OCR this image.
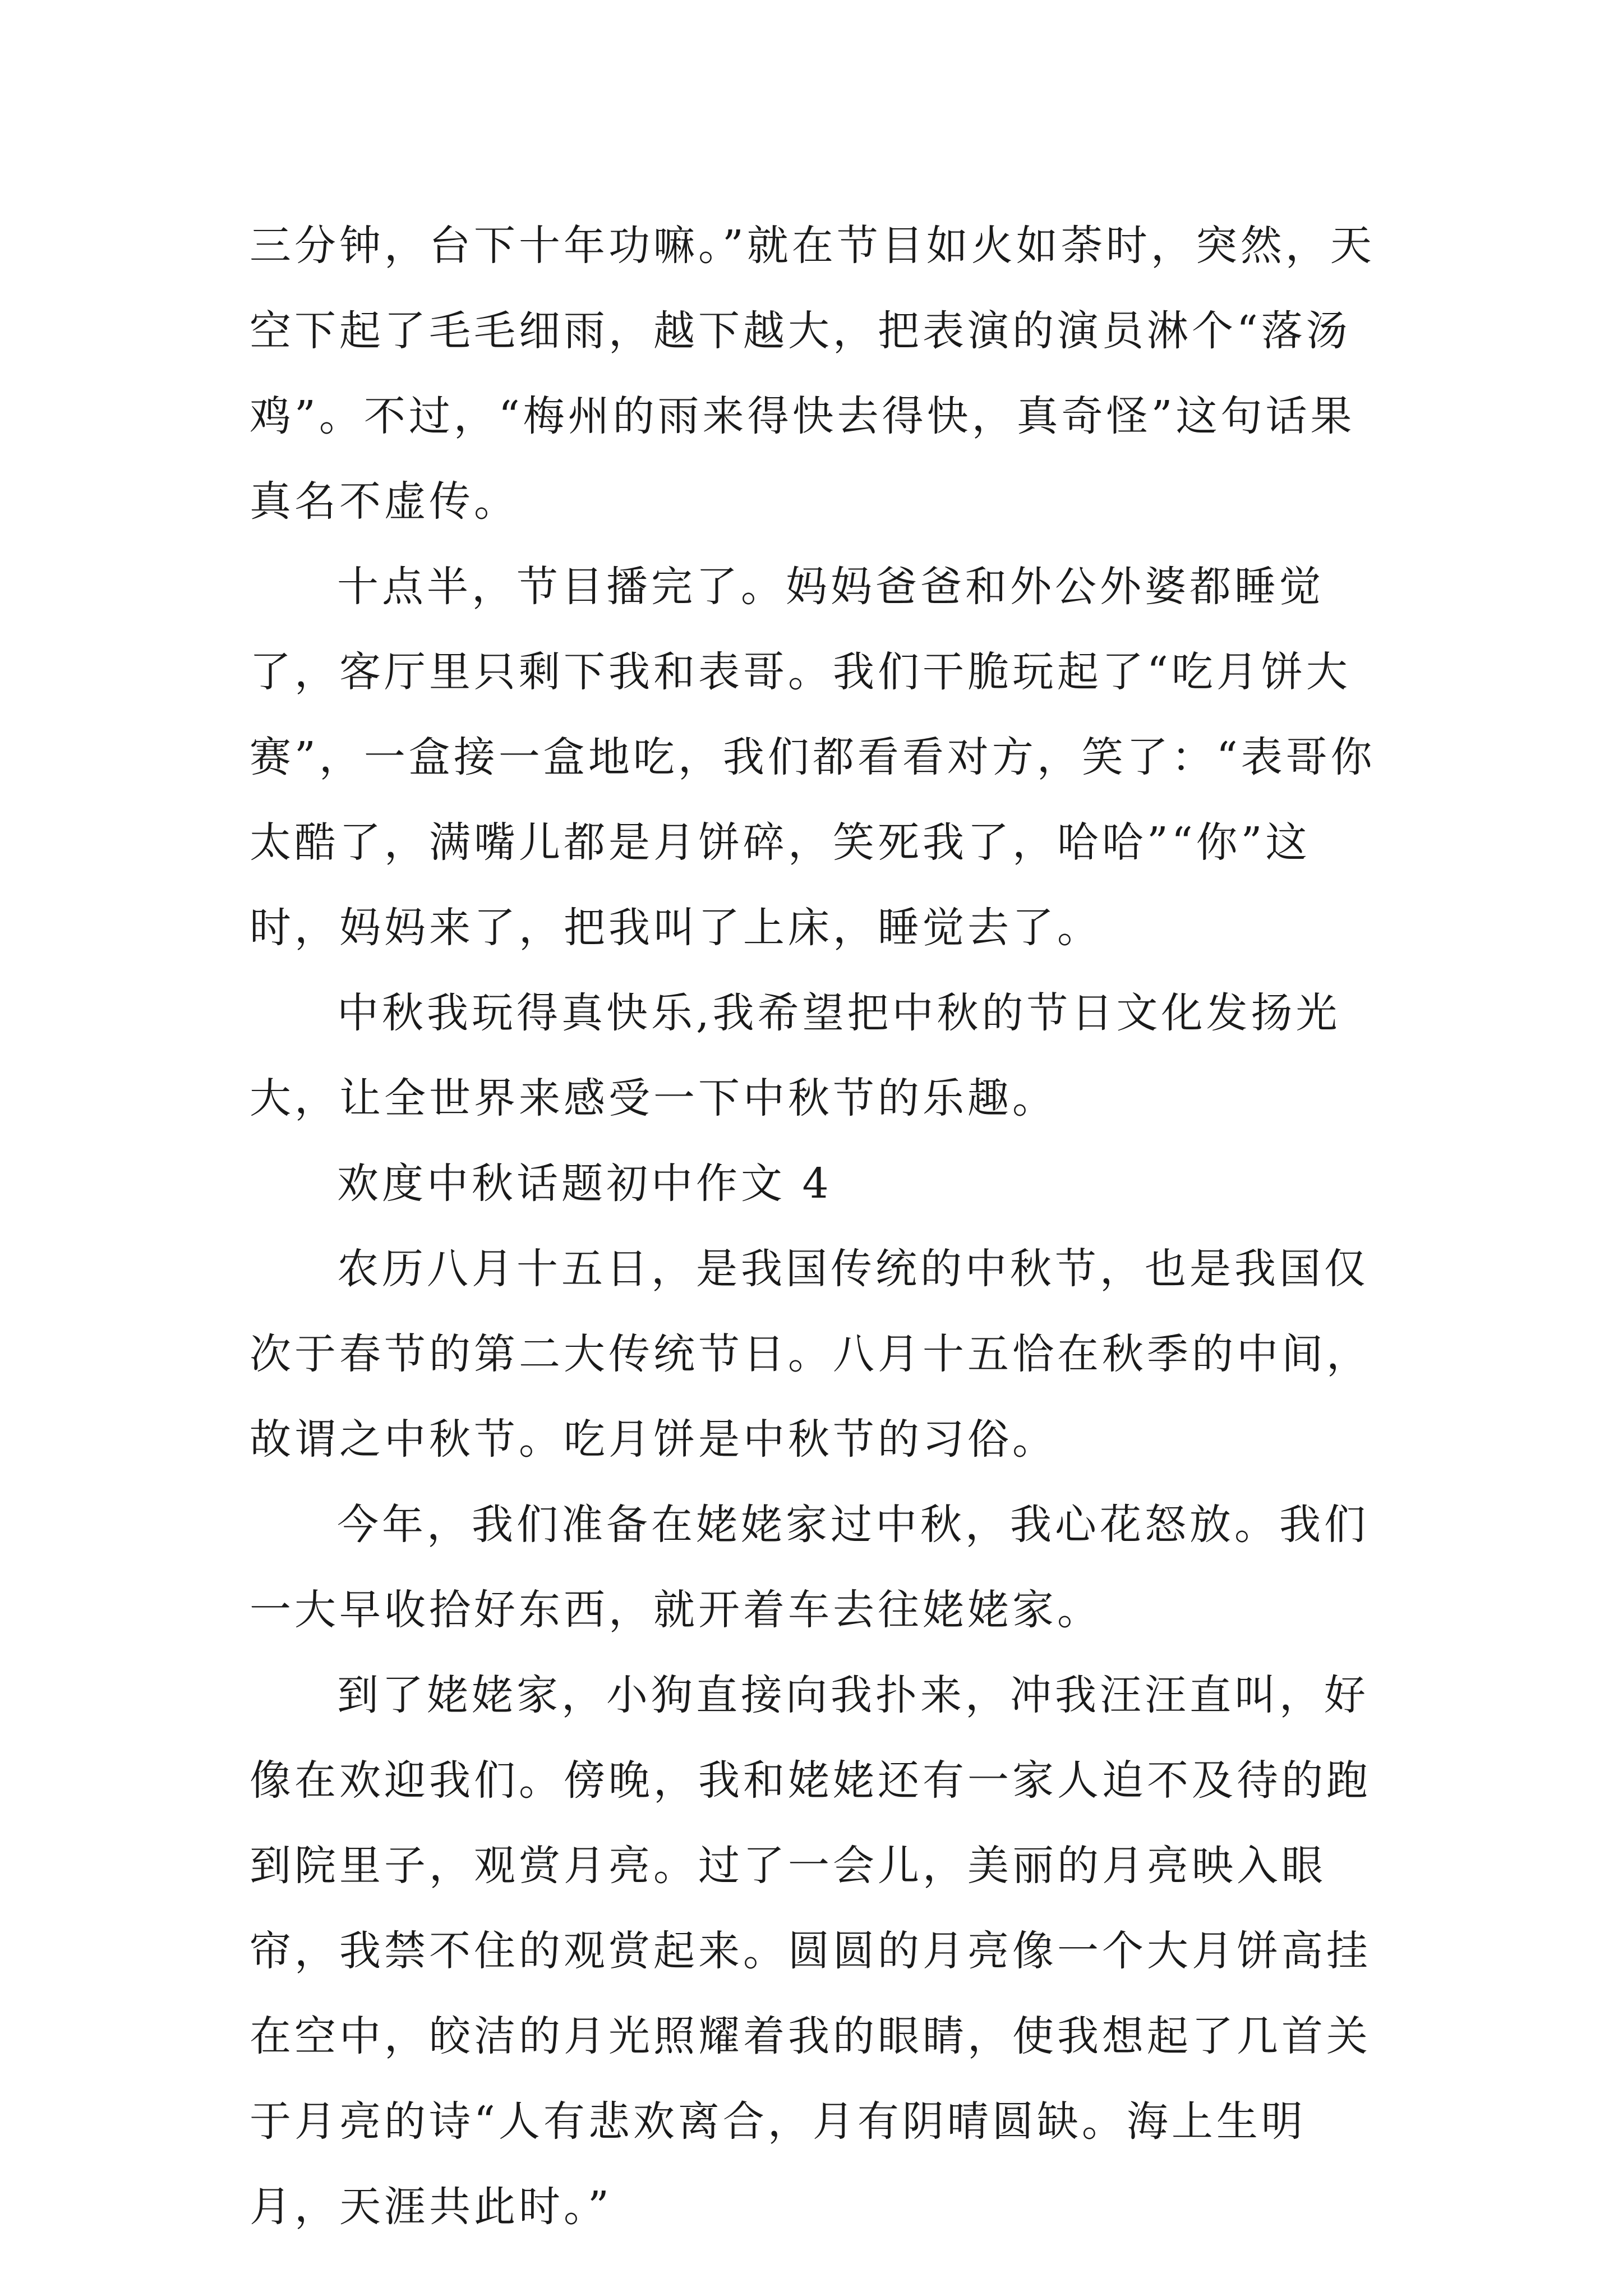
三分钟，台下十年功嘛。”就在节目如火如荼时，突然，天空下起了毛毛细雨，越下越大，把表演的演员淋个“落汤鸡”。不过，“梅州的雨来得快去得快，真奇怪”这句话果真名不虚传。

十点半，节目播完了。妈妈爸爸和外公外婆都睡觉了，客厅里只剩下我和表哥。我们干脆玩起了“吃月饼大赛”，一盒接一盒地吃，我们都看看对方，笑了：“表哥你太酷了，满嘴儿都是月饼碎，笑死我了，哈哈”“你”这时，妈妈来了，把我叫了上床，睡觉去了。

中秋我玩得真快乐,我希望把中秋的节日文化发扬光大，让全世界来感受一下中秋节的乐趣。

欢度中秋话题初中作文 4

农历八月十五日，是我国传统的中秋节，也是我国仅次于春节的第二大传统节日。八月十五恰在秋季的中间，故谓之中秋节。吃月饼是中秋节的习俗。

今年，我们准备在姥姥家过中秋，我心花怒放。我们一大早收拾好东西，就开着车去往姥姥家。

到了姥姥家，小狗直接向我扑来，冲我汪汪直叫，好像在欢迎我们。傍晚，我和姥姥还有一家人迫不及待的跑到院里子，观赏月亮。过了一会儿，美丽的月亮映入眼帘，我禁不住的观赏起来。圆圆的月亮像一个大月饼高挂在空中，皎洁的月光照耀着我的眼睛，使我想起了几首关于月亮的诗“人有悲欢离合，月有阴晴圆缺。海上生明月，天涯共此时。”
